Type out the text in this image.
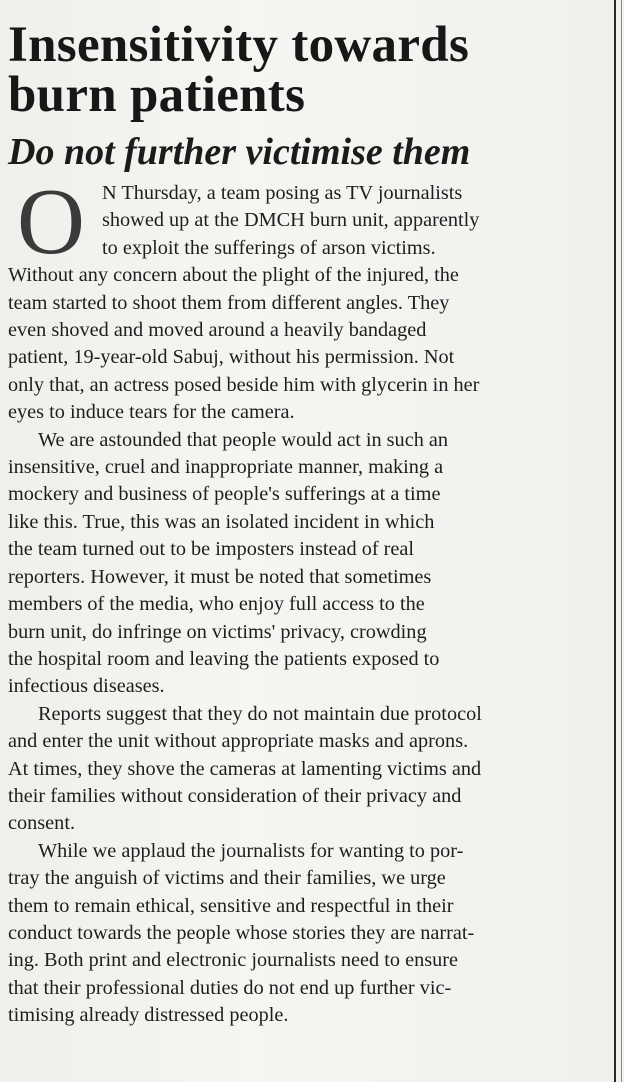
Insensitivity towards
burn patients
Do not further victimise them
O N Thursday, a team posing as TV journalists
showed up at the DMCH burn unit, apparently
to exploit the sufferings of arson victims.

Without any concern about the plight of the injured, the
team started to shoot them from different angles. They
even shoved and moved around a heavily bandaged
patient, 19-year-old Sabuj, without his permission. Not
only that, an actress posed beside him with glycerin in her
eyes to induce tears for the camera.

We are astounded that people would act in such an
insensitive, cruel and inappropriate manner, making a
mockery and business of people's sufferings at a time
like this. True, this was an isolated incident in which
the team turned out to be imposters instead of real
reporters. However, it must be noted that sometimes
members of the media, who enjoy full access to the
burn unit, do infringe on victims' privacy, crowding
the hospital room and leaving the patients exposed to
infectious diseases.

Reports suggest that they do not maintain due protocol
and enter the unit without appropriate masks and aprons.
At times, they shove the cameras at lamenting victims and
their families without consideration of their privacy and
consent.

While we applaud the journalists for wanting to por-
tray the anguish of victims and their families, we urge
them to remain ethical, sensitive and respectful in their
conduct towards the people whose stories they are narrat-
ing. Both print and electronic journalists need to ensure
that their professional duties do not end up further vic-
timising already distressed people.
